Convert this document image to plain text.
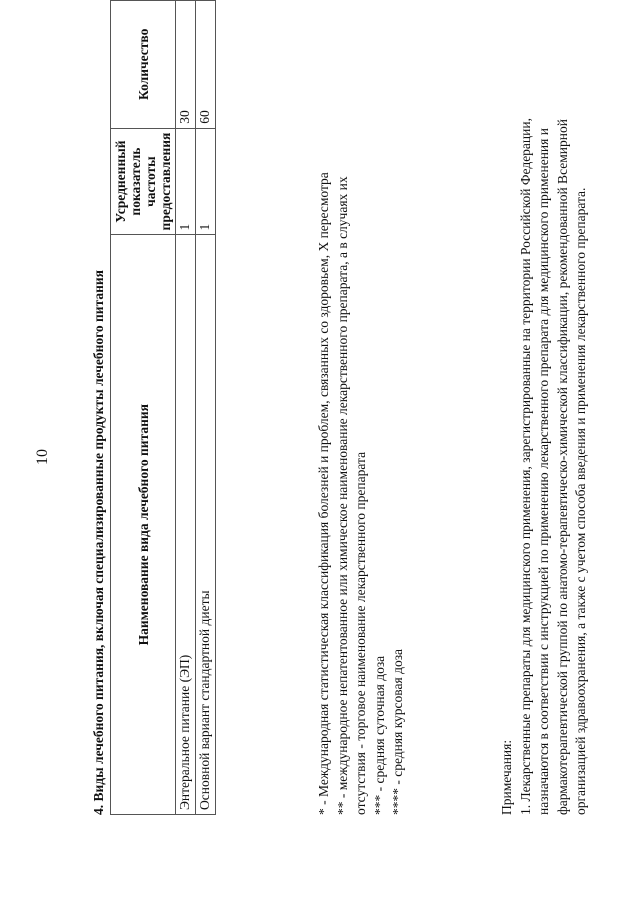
10	4. Виды лечебного питания, включая специализированные продукты лечебного питания Наименование вида лечебного питания	Усредненный показатель частоты предоставления	Количество
Энтеральное питание (ЭП)	1	30
Основной вариант стандартной диеты	1	60
* - Международная статистическая классификация болезней и проблем, связанных со здоровьем, X пересмотра ** - международное непатентованное или химическое наименование лекарственного препарата, а в случаях их отсутствия - торговое наименование лекарственного препарата *** - средняя суточная доза **** - средняя курсовая доза	Примечания: 1. Лекарственные препараты для медицинского применения, зарегистрированные на территории Российской Федерации, назначаются в соответствии с инструкцией по применению лекарственного препарата для медицинского применения и фармакотерапевтической группой по анатомо-терапевтическо-химической классификации, рекомендованной Всемирной организацией здравоохранения, а также с учетом способа введения и применения лекарственного препарата.
